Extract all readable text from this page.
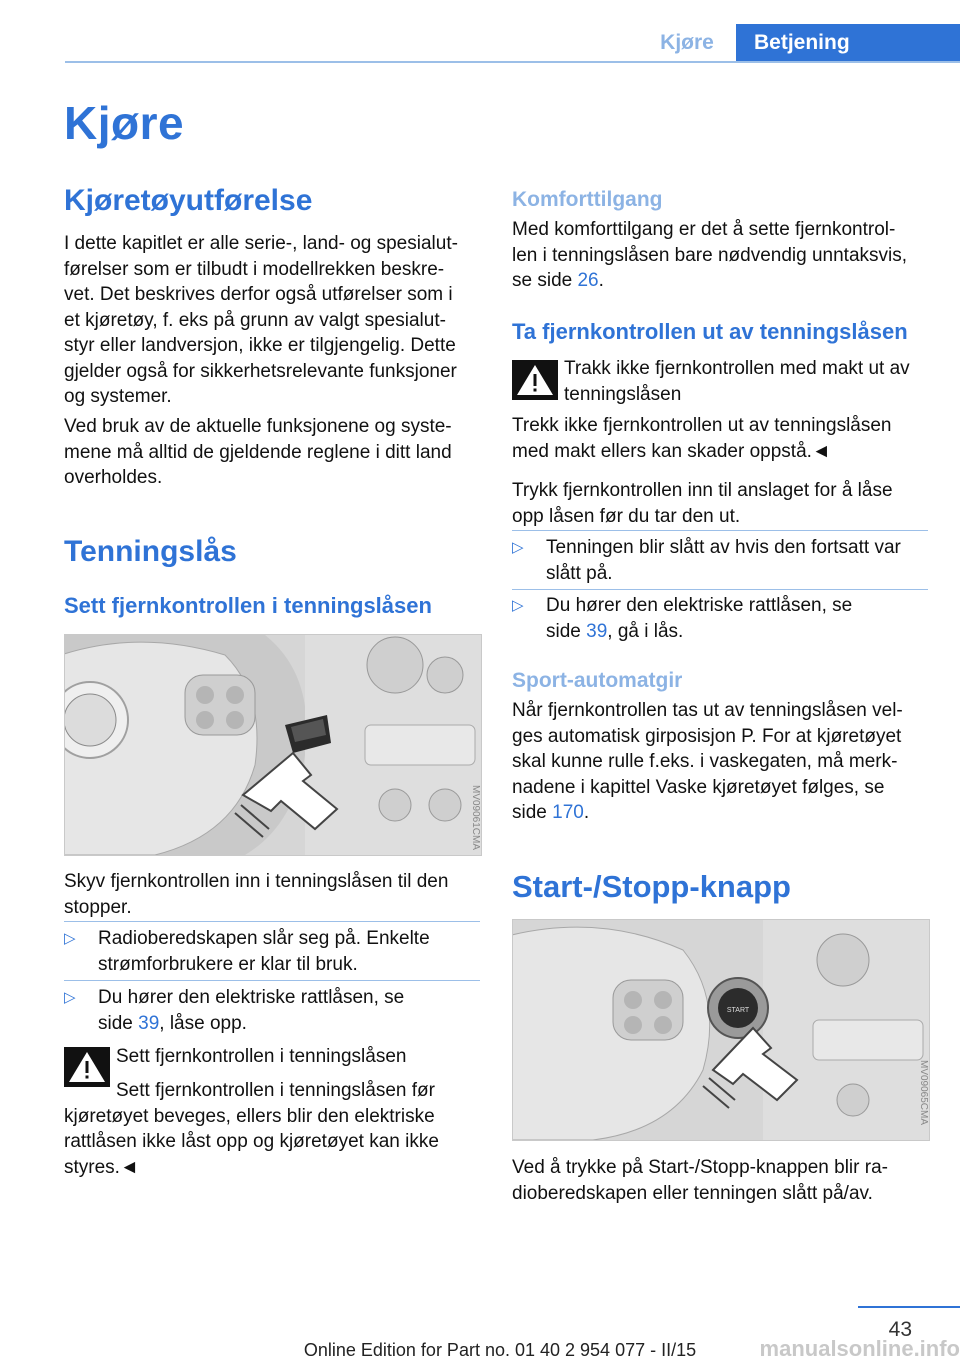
Kjøre	Betjening
Kjøre
Kjøretøyutførelse
I dette kapitlet er alle serie-, land- og spesialut‐
førelser som er tilbudt i modellrekken beskre‐
vet. Det beskrives derfor også utførelser som i
et kjøretøy, f. eks på grunn av valgt spesialut‐
styr eller landversjon, ikke er tilgjengelig. Dette
gjelder også for sikkerhetsrelevante funksjoner
og systemer.
Ved bruk av de aktuelle funksjonene og syste‐
mene må alltid de gjeldende reglene i ditt land
overholdes.
Tenningslås
Sett fjernkontrollen i tenningslåsen
MV09061CMA
Skyv fjernkontrollen inn i tenningslåsen til den
stopper.
▷ Radioberedskapen slår seg på. Enkelte
strømforbrukere er klar til bruk.
▷ Du hører den elektriske rattlåsen, se
side 39, låse opp.
Sett fjernkontrollen i tenningslåsen
Sett fjernkontrollen i tenningslåsen før
kjøretøyet beveges, ellers blir den elektriske
rattlåsen ikke låst opp og kjøretøyet kan ikke
styres.◄
Komforttilgang
Med komforttilgang er det å sette fjernkontrol‐
len i tenningslåsen bare nødvendig unntaksvis,
se side 26.
Ta fjernkontrollen ut av tenningslåsen
Trakk ikke fjernkontrollen med makt ut av
tenningslåsen
Trekk ikke fjernkontrollen ut av tenningslåsen
med makt ellers kan skader oppstå.◄
Trykk fjernkontrollen inn til anslaget for å låse
opp låsen før du tar den ut.
▷ Tenningen blir slått av hvis den fortsatt var
slått på.
▷ Du hører den elektriske rattlåsen, se
side 39, gå i lås.
Sport-automatgir
Når fjernkontrollen tas ut av tenningslåsen vel‐
ges automatisk girposisjon P. For at kjøretøyet
skal kunne rulle f.eks. i vaskegaten, må merk‐
nadene i kapittel Vaske kjøretøyet følges, se
side 170.
Start-/Stopp-knapp
START
MV09065CMA
Ved å trykke på Start-/Stopp-knappen blir ra‐
dioberedskapen eller tenningen slått på/av.
43
manualsonline.info
Online Edition for Part no. 01 40 2 954 077 - II/15
